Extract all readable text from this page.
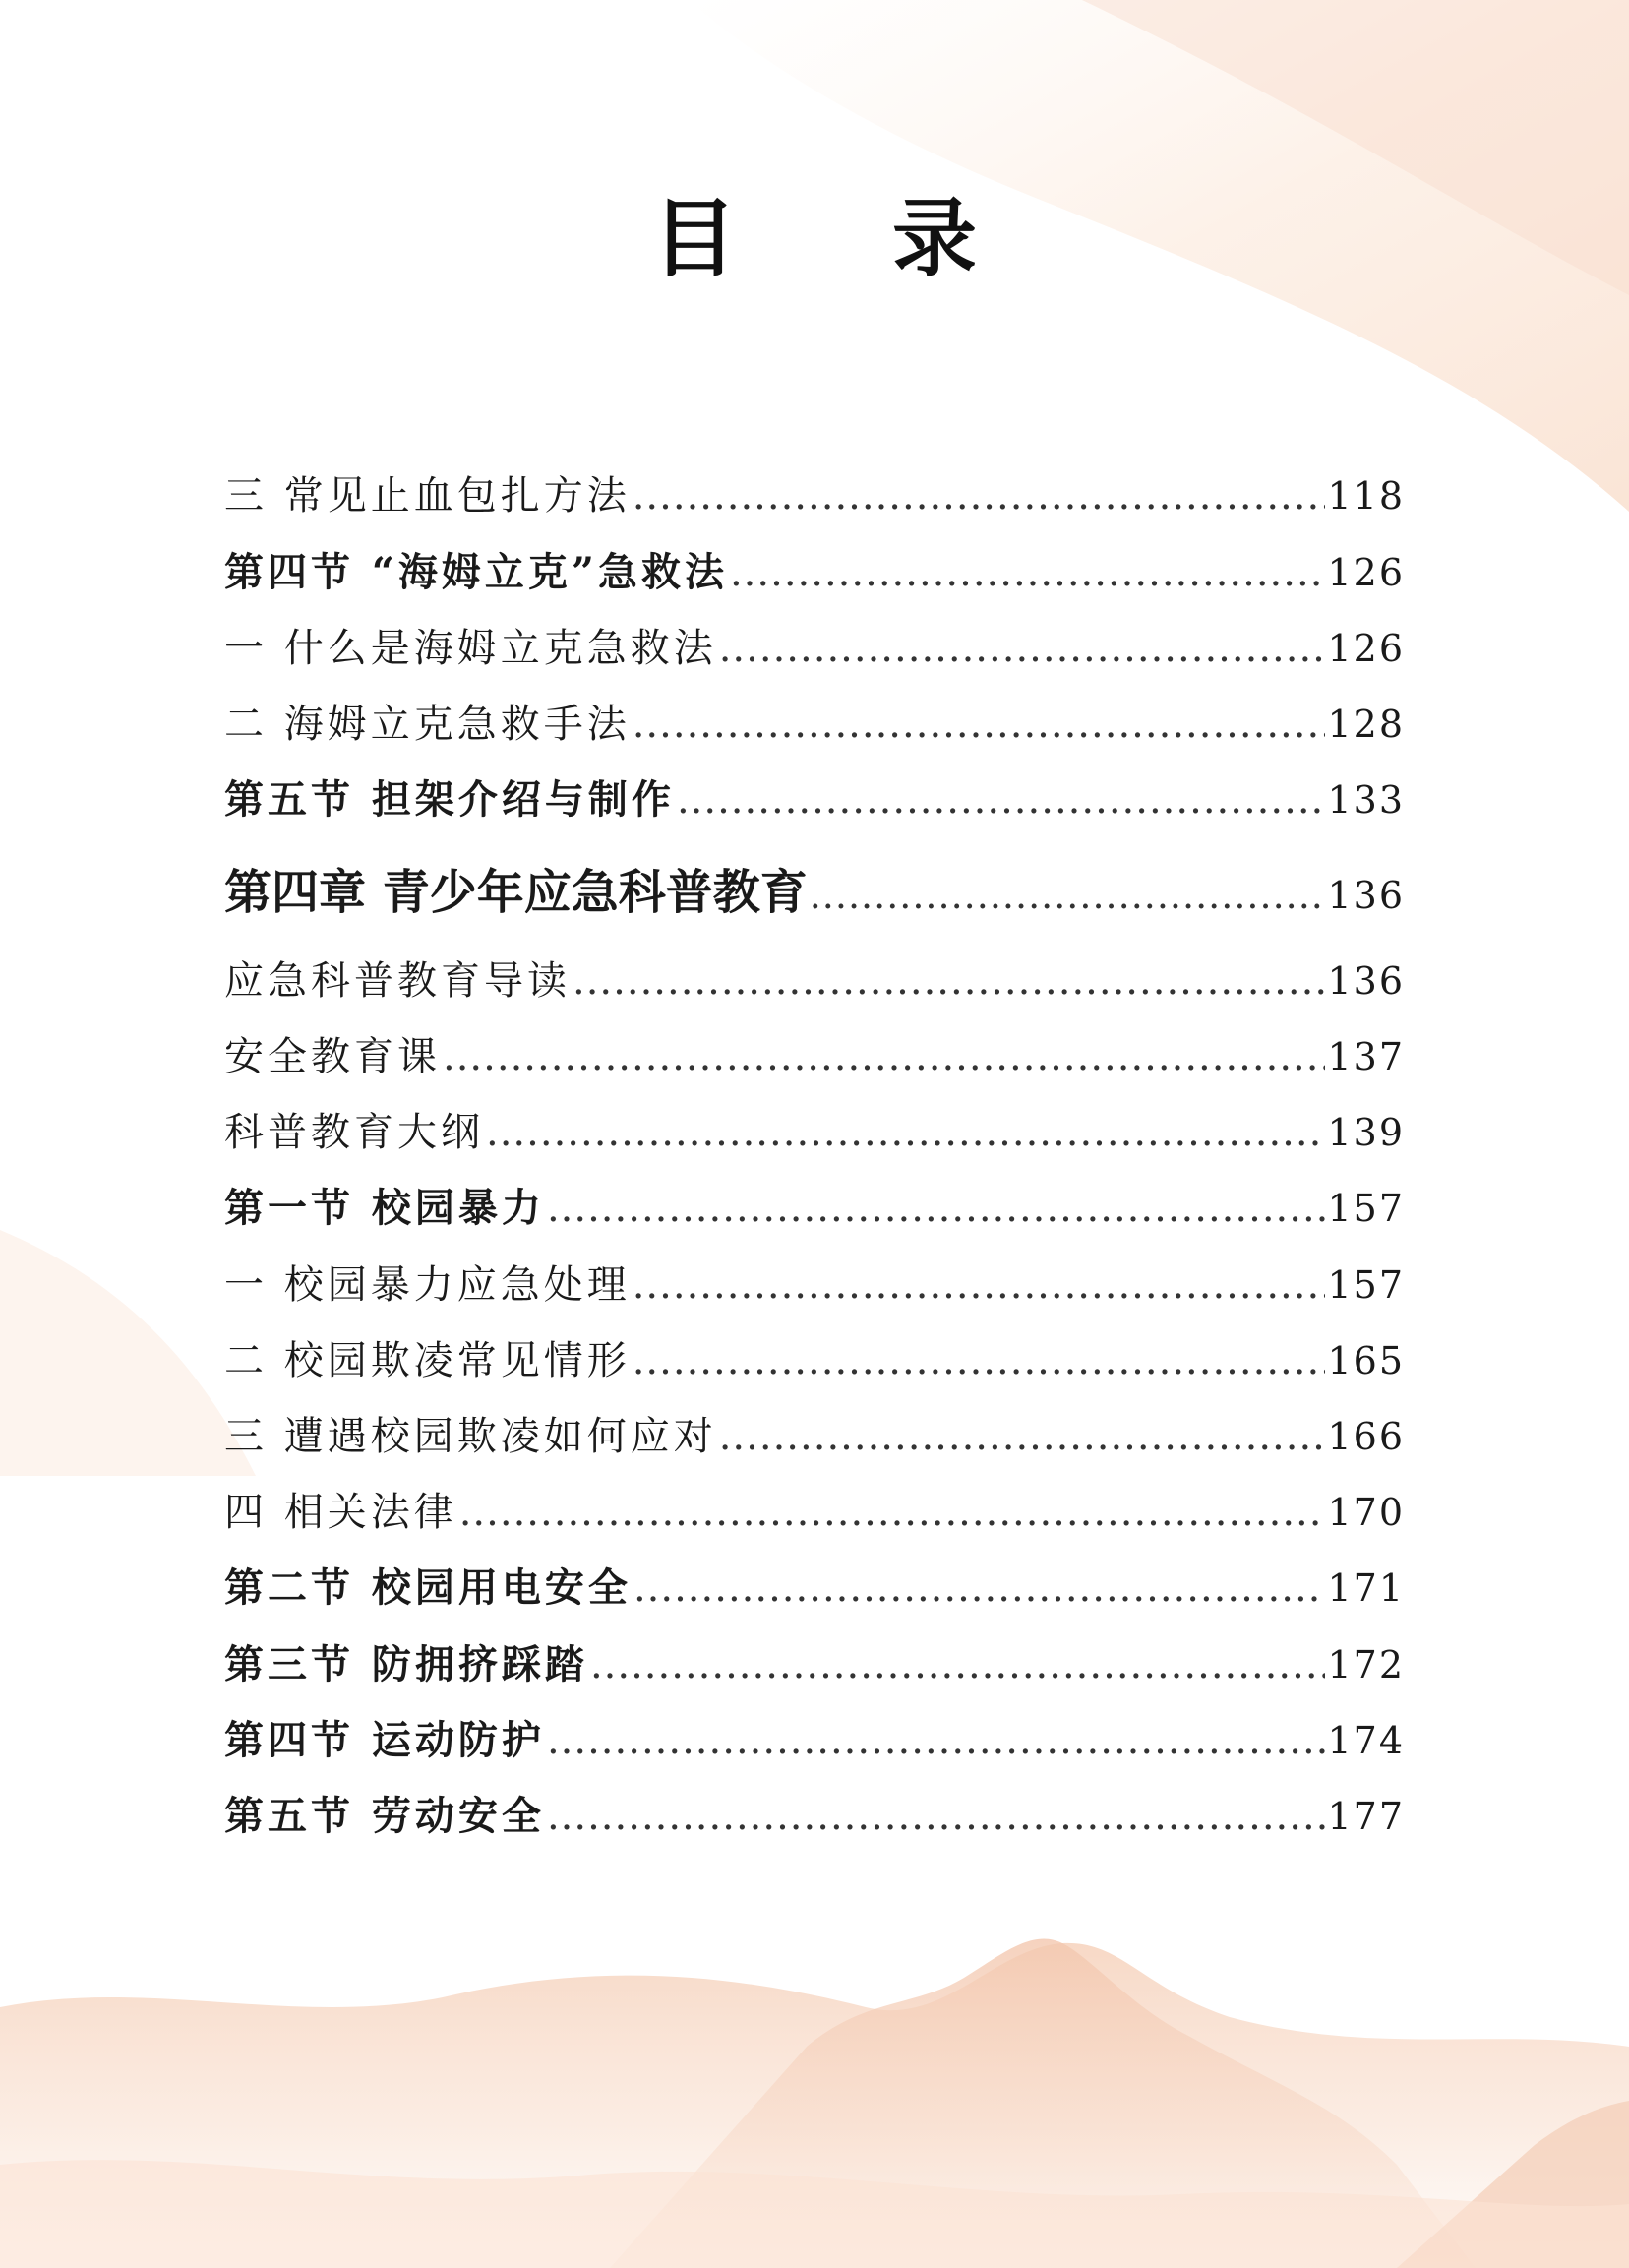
目 录
三 常见止血包扎方法 .....	118
第四节 “海姆立克”急救法 .....	126
一 什么是海姆立克急救法 .....	126
二 海姆立克急救手法 .....	128
第五节 担架介绍与制作 .....	133
第四章 青少年应急科普教育 .....	136
应急科普教育导读 .....	136
安全教育课 .....	137
科普教育大纲 .....	139
第一节 校园暴力 .....	157
一 校园暴力应急处理 .....	157
二 校园欺凌常见情形 .....	165
三 遭遇校园欺凌如何应对 .....	166
四 相关法律 .....	170
第二节 校园用电安全 .....	171
第三节 防拥挤踩踏 .....	172
第四节 运动防护 .....	174
第五节 劳动安全 .....	177
